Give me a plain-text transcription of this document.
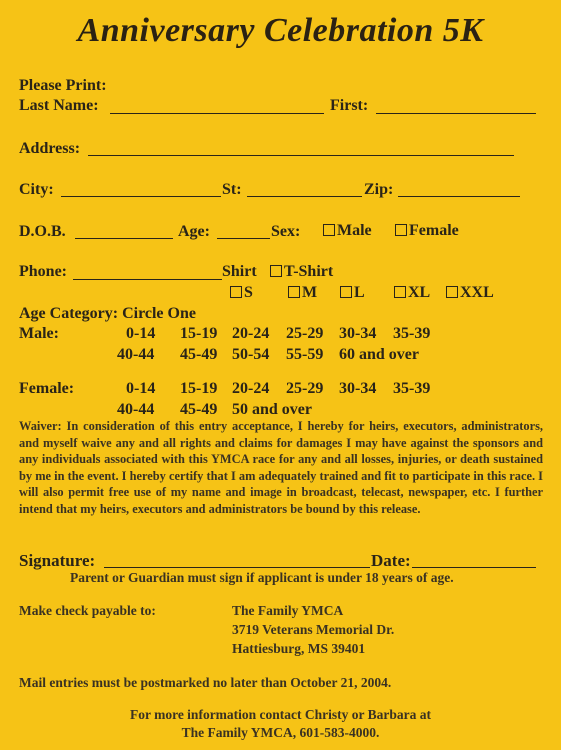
Anniversary Celebration 5K
Please Print:
Last Name:	First:
Address:
City:	St:	Zip:
D.O.B.	Age:	Sex:	Male	Female
Phone:	Shirt	T-Shirt
S	M	L	XL	XXL
Age Category: Circle One
Male:	0-14 15-19 20-24 25-29 30-34 35-39
40-44 45-49 50-54 55-59 60 and over
Female:	0-14 15-19 20-24 25-29 30-34 35-39
40-44 45-49 50 and over
Waiver: In consideration of this entry acceptance, I hereby for heirs, executors, administrators, and myself waive any and all rights and claims for damages I may have against the sponsors and any individuals associated with this YMCA race for any and all losses, injuries, or death sustained by me in the event. I hereby certify that I am adequately trained and fit to participate in this race. I will also permit free use of my name and image in broadcast, telecast, newspaper, etc. I further intend that my heirs, executors and administrators be bound by this release.
Signature:	Date:
Parent or Guardian must sign if applicant is under 18 years of age.
Make check payable to:	The Family YMCA
3719 Veterans Memorial Dr.
Hattiesburg, MS 39401
Mail entries must be postmarked no later than October 21, 2004.
For more information contact Christy or Barbara at
The Family YMCA, 601-583-4000.
